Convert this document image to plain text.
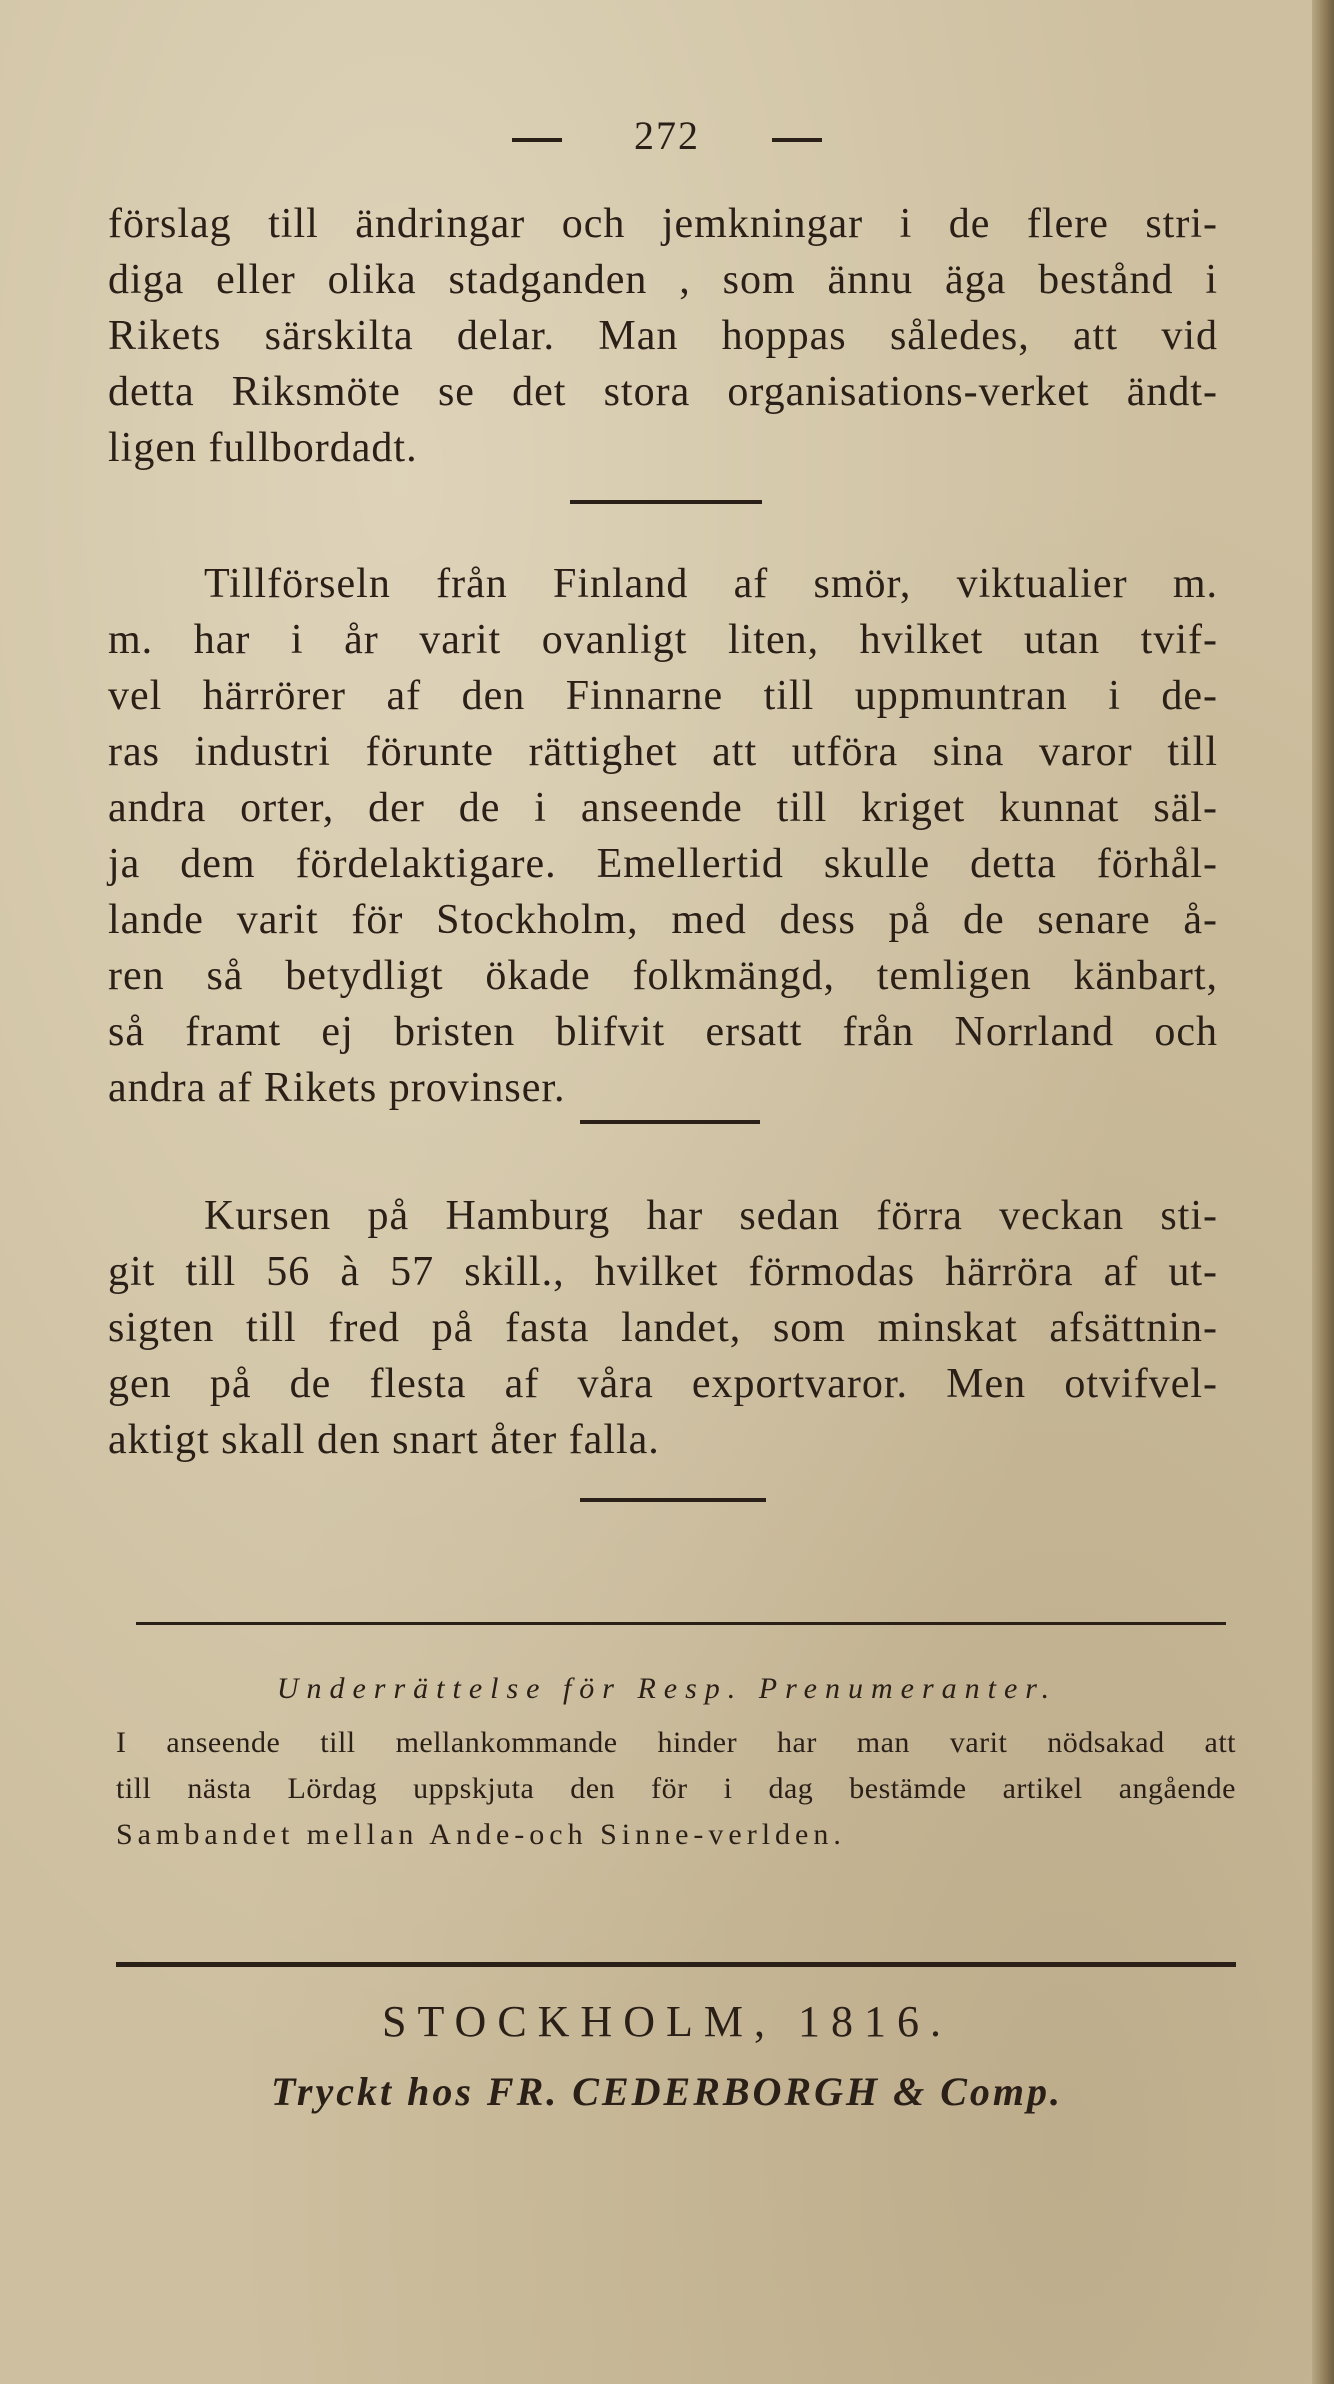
272

förslag till ändringar och jemkningar i de flere stri-
diga eller olika stadganden , som ännu äga bestånd i
Rikets särskilta delar. Man hoppas således, att vid
detta Riksmöte se det stora organisations-verket ändt-
ligen fullbordadt.

Tillförseln från Finland af smör, viktualier m.
m. har i år varit ovanligt liten, hvilket utan tvif-
vel härrörer af den Finnarne till uppmuntran i de-
ras industri förunte rättighet att utföra sina varor till
andra orter, der de i anseende till kriget kunnat säl-
ja dem fördelaktigare. Emellertid skulle detta förhål-
lande varit för Stockholm, med dess på de senare å-
ren så betydligt ökade folkmängd, temligen känbart,
så framt ej bristen blifvit ersatt från Norrland och
andra af Rikets provinser.

Kursen på Hamburg har sedan förra veckan sti-
git till 56 à 57 skill., hvilket förmodas härröra af ut-
sigten till fred på fasta landet, som minskat afsättnin-
gen på de flesta af våra exportvaror. Men otvifvel-
aktigt skall den snart åter falla.

Underrättelse för Resp. Prenumeranter.

I anseende till mellankommande hinder har man varit nödsakad att
till nästa Lördag uppskjuta den för i dag bestämde artikel angående
Sambandet mellan Ande-och Sinne-verlden.

STOCKHOLM, 1816.
Tryckt hos FR. CEDERBORGH & Comp.
